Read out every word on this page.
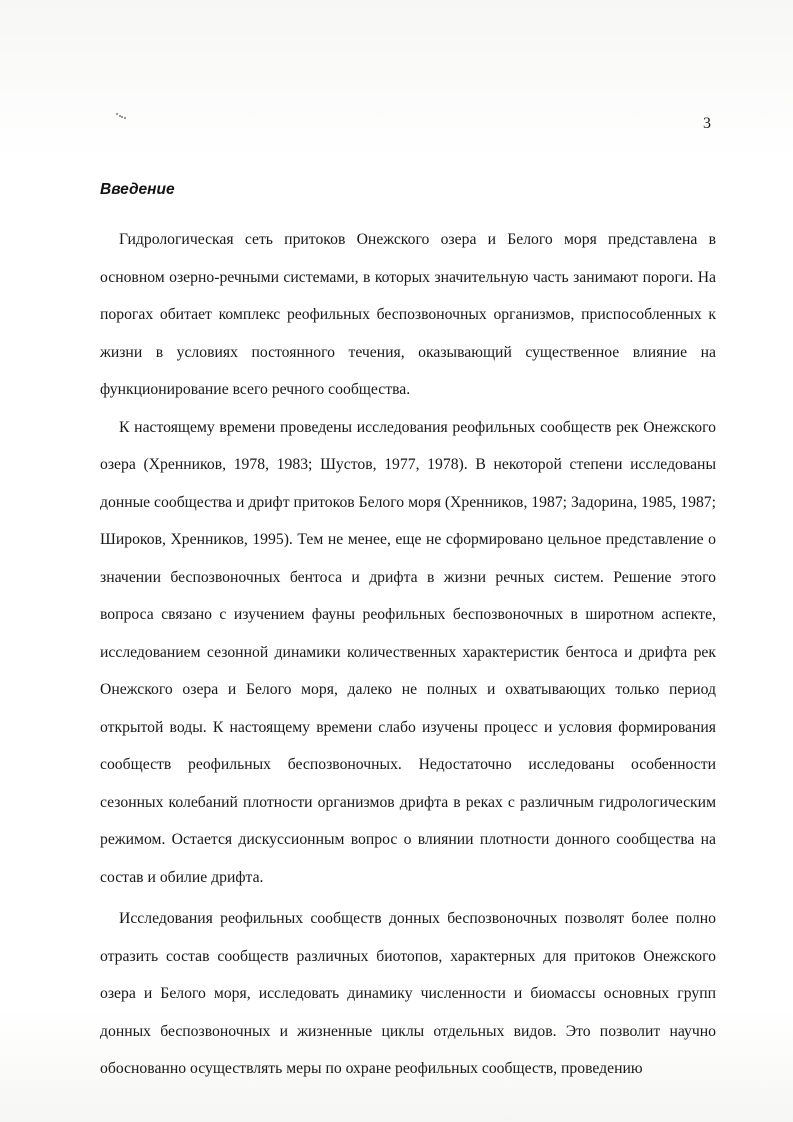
3
Введение

Гидрологическая сеть притоков Онежского озера и Белого моря представлена в основном озерно-речными системами, в которых значительную часть занимают пороги. На порогах обитает комплекс реофильных беспозвоночных организмов, приспособленных к жизни в условиях постоянного течения, оказывающий существенное влияние на функционирование всего речного сообщества.

К настоящему времени проведены исследования реофильных сообществ рек Онежского озера (Хренников, 1978, 1983; Шустов, 1977, 1978). В некоторой степени исследованы донные сообщества и дрифт притоков Белого моря (Хренников, 1987; Задорина, 1985, 1987; Широков, Хренников, 1995). Тем не менее, еще не сформировано цельное представление о значении беспозвоночных бентоса и дрифта в жизни речных систем. Решение этого вопроса связано с изучением фауны реофильных беспозвоночных в широтном аспекте, исследованием сезонной динамики количественных характеристик бентоса и дрифта рек Онежского озера и Белого моря, далеко не полных и охватывающих только период открытой воды. К настоящему времени слабо изучены процесс и условия формирования сообществ реофильных беспозвоночных. Недостаточно исследованы особенности сезонных колебаний плотности организмов дрифта в реках с различным гидрологическим режимом. Остается дискуссионным вопрос о влиянии плотности донного сообщества на состав и обилие дрифта.

Исследования реофильных сообществ донных беспозвоночных позволят более полно отразить состав сообществ различных биотопов, характерных для притоков Онежского озера и Белого моря, исследовать динамику численности и биомассы основных групп донных беспозвоночных и жизненные циклы отдельных видов. Это позволит научно обоснованно осуществлять меры по охране реофильных сообществ, проведению
